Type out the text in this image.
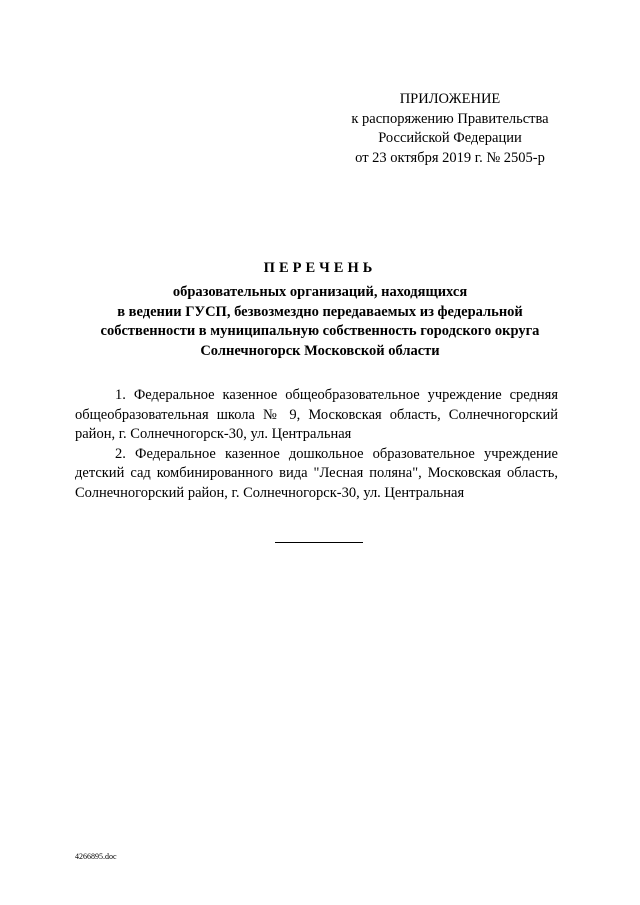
ПРИЛОЖЕНИЕ
к распоряжению Правительства
Российской Федерации
от 23 октября 2019 г. № 2505-р
ПЕРЕЧЕНЬ
образовательных организаций, находящихся
в ведении ГУСП, безвозмездно передаваемых из федеральной
собственности в муниципальную собственность городского округа
Солнечногорск Московской области

1. Федеральное казенное общеобразовательное учреждение средняя общеобразовательная школа № 9, Московская область, Солнечногорский район, г. Солнечногорск-30, ул. Центральная

2. Федеральное казенное дошкольное образовательное учреждение детский сад комбинированного вида "Лесная поляна", Московская область, Солнечногорский район, г. Солнечногорск-30, ул. Центральная

4266895.doc
